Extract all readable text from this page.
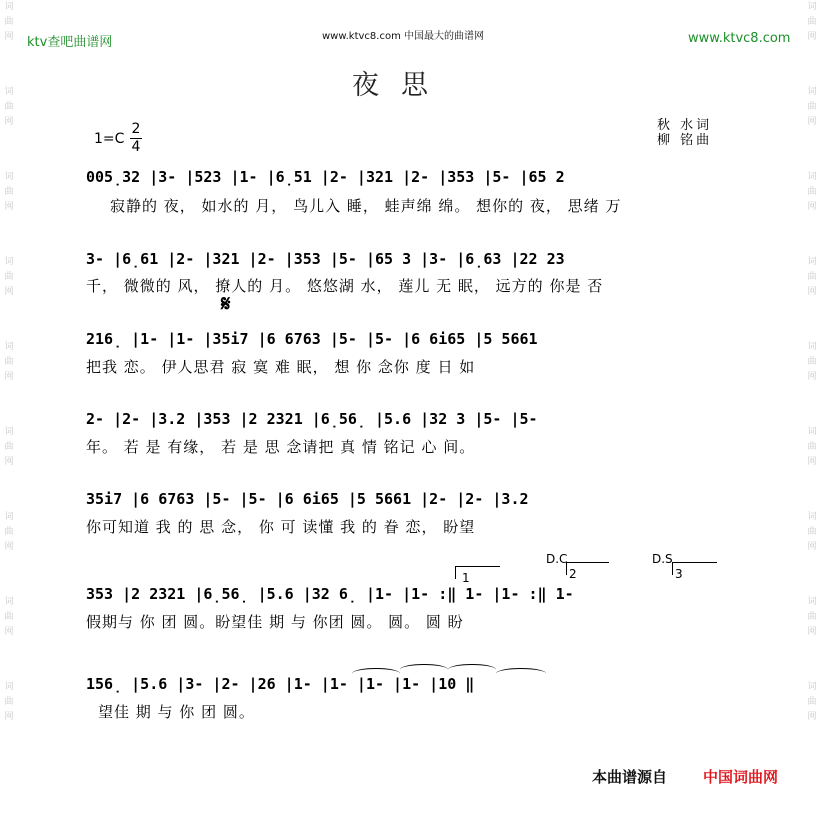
词曲网
词曲网
词曲网
词曲网
词曲网
词曲网
词曲网
词曲网
词曲网
词曲网
词曲网
词曲网
词曲网
词曲网
词曲网
词曲网
词曲网
词曲网
ktv查吧曲谱网	www.ktvc8.com 中国最大的曲谱网	www.ktvc8.com
夜思
1=C
2
4
秋 水词
柳 铭曲
005̣32 |3- |523 |1- |6̣51 |2- |321 |2- |353 |5- |65 2
寂静的 夜， 如水的 月， 鸟儿入 睡， 蛙声绵 绵。 想你的 夜， 思绪 万
3- |6̣61 |2- |321 |2- |353 |5- |65 3 |3- |6̣63 |22 23
千， 微微的 风， 撩人的 月。 悠悠湖 水， 莲儿 无 眠， 远方的 你是 否
𝄋
216̣ |1- |1- |35i7 |6 6763 |5- |5- |6 6i65 |5 5661
把我 恋。 伊人思君 寂 寞 难 眠， 想 你 念你 度 日 如
2- |2- |3.2 |353 |2 2321 |6̣56̣ |5.6 |32 3 |5- |5-
年。 若 是 有缘， 若 是 思 念请把 真 情 铭记 心 间。
35i7 |6 6763 |5- |5- |6 6i65 |5 5661 |2- |2- |3.2
你可知道 我 的 思 念， 你 可 读懂 我 的 眷 恋， 盼望
1
D.C
2
D.S
3
353 |2 2321 |6̣56̣ |5.6 |32 6̣ |1- |1- :‖ 1- |1- :‖ 1-
假期与 你 团 圆。盼望佳 期 与 你团 圆。 圆。 圆 盼
156̣ |5.6 |3- |2- |26 |1- |1- |1- |1- |10 ‖
望佳 期 与 你 团 圆。
本曲谱源自 中国词曲网
